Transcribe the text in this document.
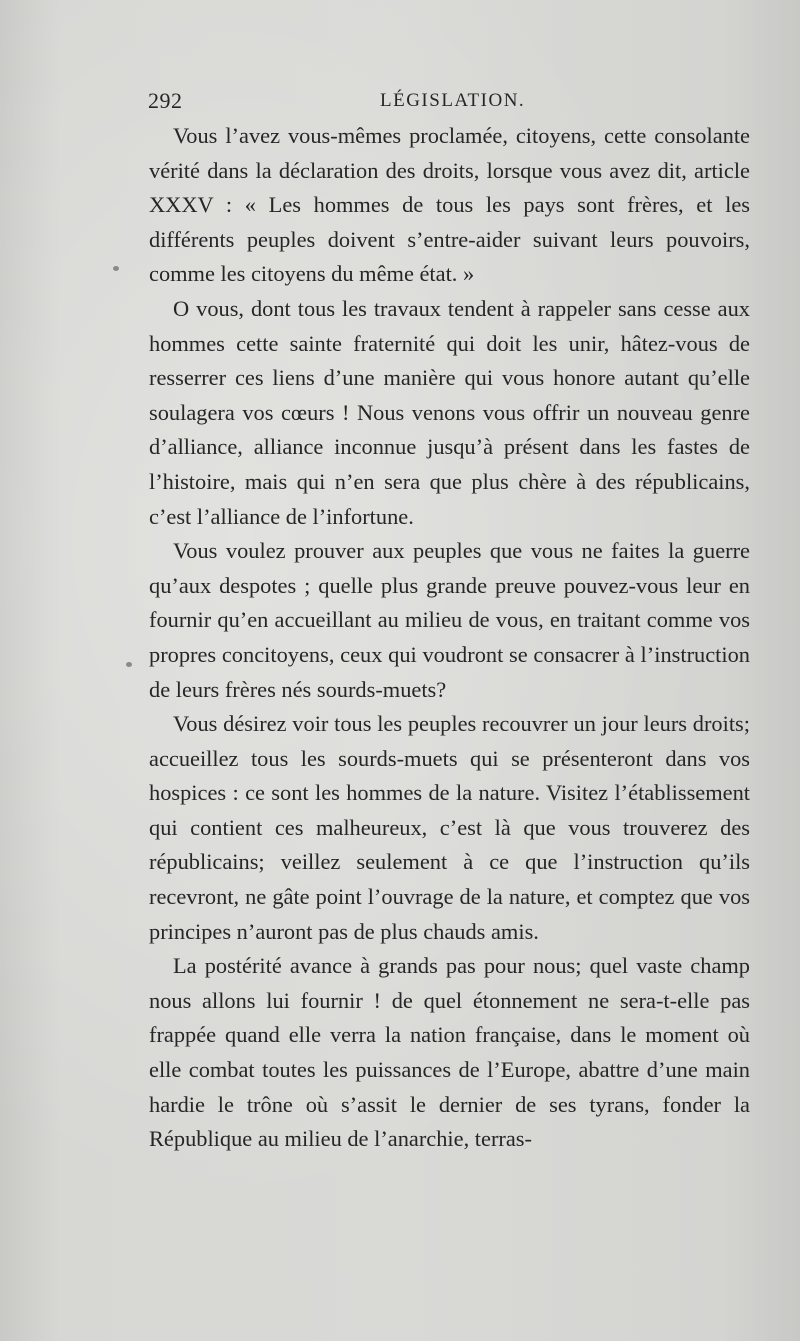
292	LÉGISLATION.

Vous l’avez vous-mêmes proclamée, citoyens, cette consolante vérité dans la déclaration des droits, lorsque vous avez dit, article XXXV : « Les hommes de tous les pays sont frères, et les différents peuples doivent s’entre-aider suivant leurs pouvoirs, comme les citoyens du même état. »

O vous, dont tous les travaux tendent à rappeler sans cesse aux hommes cette sainte fraternité qui doit les unir, hâtez-vous de resserrer ces liens d’une manière qui vous honore autant qu’elle soulagera vos cœurs ! Nous venons vous offrir un nouveau genre d’alliance, alliance inconnue jusqu’à présent dans les fastes de l’histoire, mais qui n’en sera que plus chère à des républicains, c’est l’alliance de l’infortune.

Vous voulez prouver aux peuples que vous ne faites la guerre qu’aux despotes ; quelle plus grande preuve pouvez-vous leur en fournir qu’en accueillant au milieu de vous, en traitant comme vos propres concitoyens, ceux qui voudront se consacrer à l’instruction de leurs frères nés sourds-muets?

Vous désirez voir tous les peuples recouvrer un jour leurs droits; accueillez tous les sourds-muets qui se présenteront dans vos hospices : ce sont les hommes de la nature. Visitez l’établissement qui contient ces malheureux, c’est là que vous trouverez des républicains; veillez seulement à ce que l’instruction qu’ils recevront, ne gâte point l’ouvrage de la nature, et comptez que vos principes n’auront pas de plus chauds amis.

La postérité avance à grands pas pour nous; quel vaste champ nous allons lui fournir ! de quel étonnement ne sera-t-elle pas frappée quand elle verra la nation française, dans le moment où elle combat toutes les puissances de l’Europe, abattre d’une main hardie le trône où s’assit le dernier de ses tyrans, fonder la République au milieu de l’anarchie, terras-
